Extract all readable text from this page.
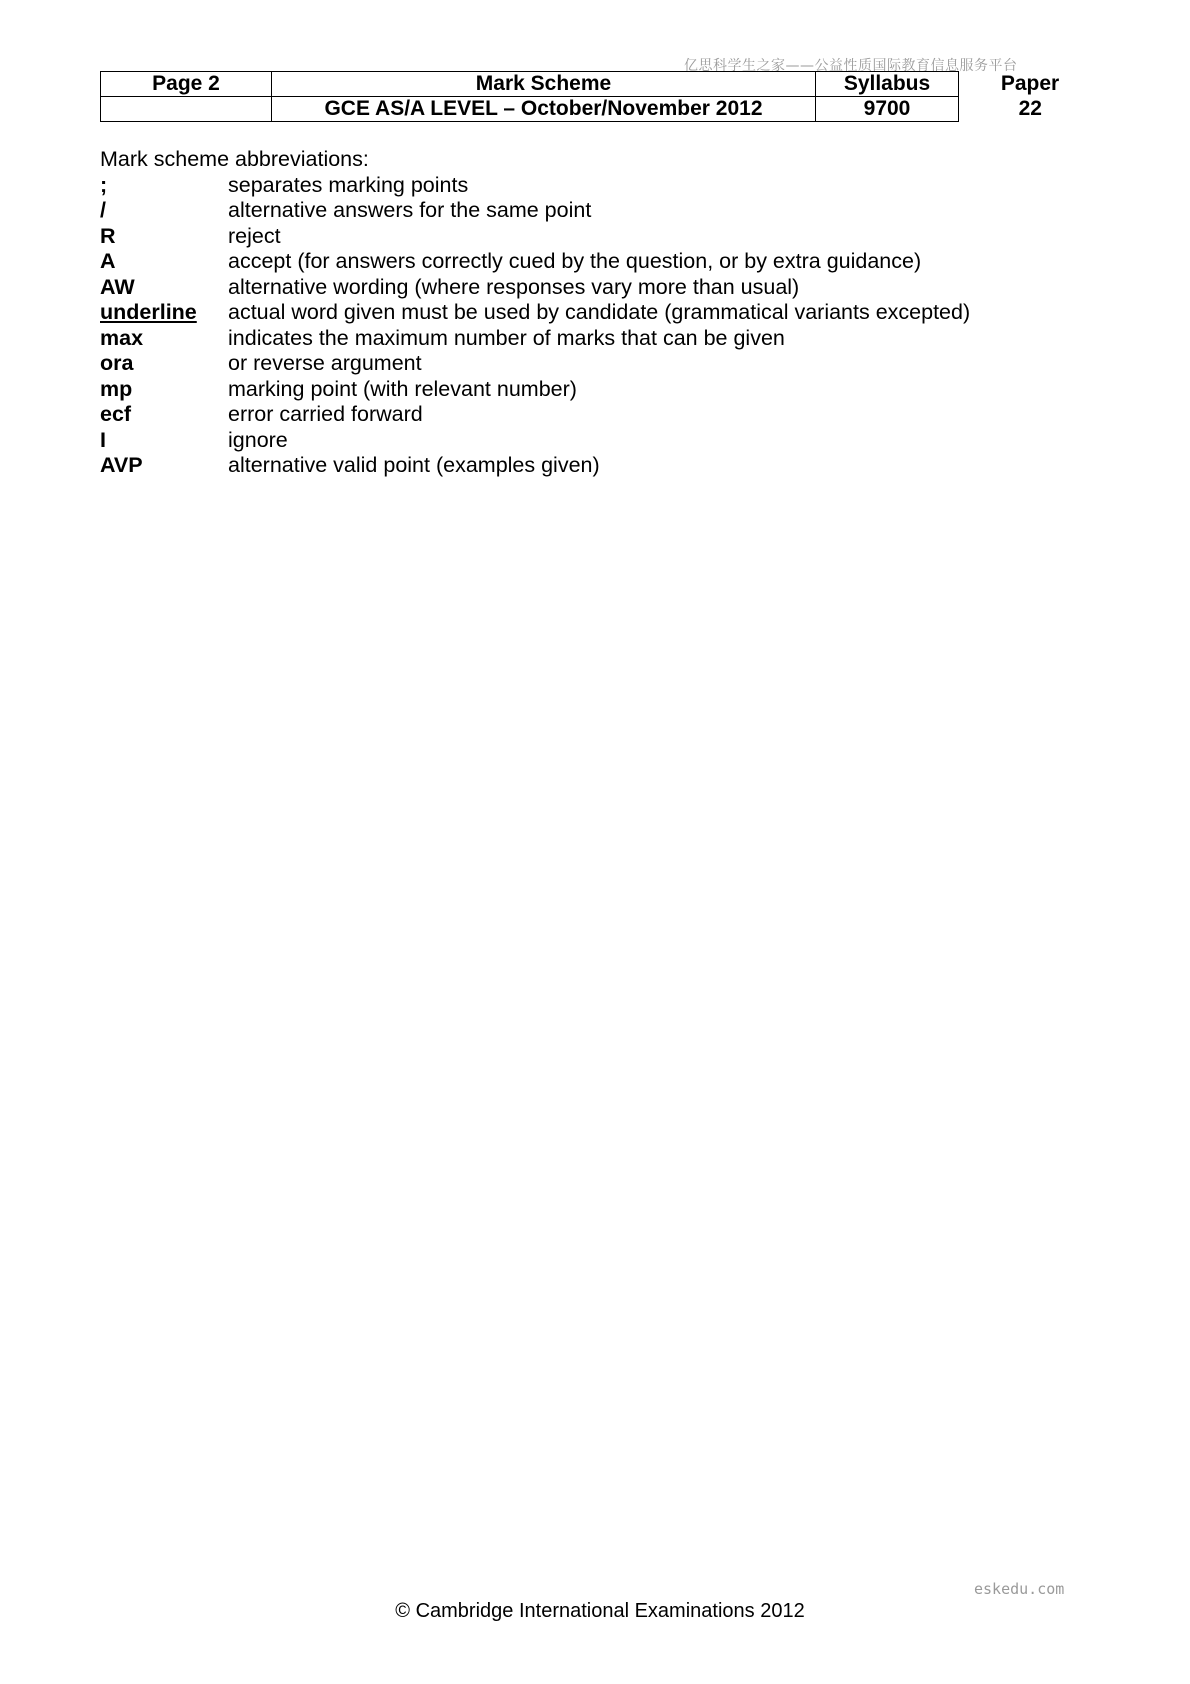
亿思科学生之家——公益性质国际教育信息服务平台
Page 2	Mark Scheme	Syllabus	Paper
	GCE AS/A LEVEL – October/November 2012	9700	22

Mark scheme abbreviations:

;	separates marking points
/	alternative answers for the same point
R	reject
A	accept (for answers correctly cued by the question, or by extra guidance)
AW	alternative wording (where responses vary more than usual)
underline	actual word given must be used by candidate (grammatical variants excepted)
max	indicates the maximum number of marks that can be given
ora	or reverse argument
mp	marking point (with relevant number)
ecf	error carried forward
I	ignore
AVP	alternative valid point (examples given)
eskedu.com
© Cambridge International Examinations 2012
